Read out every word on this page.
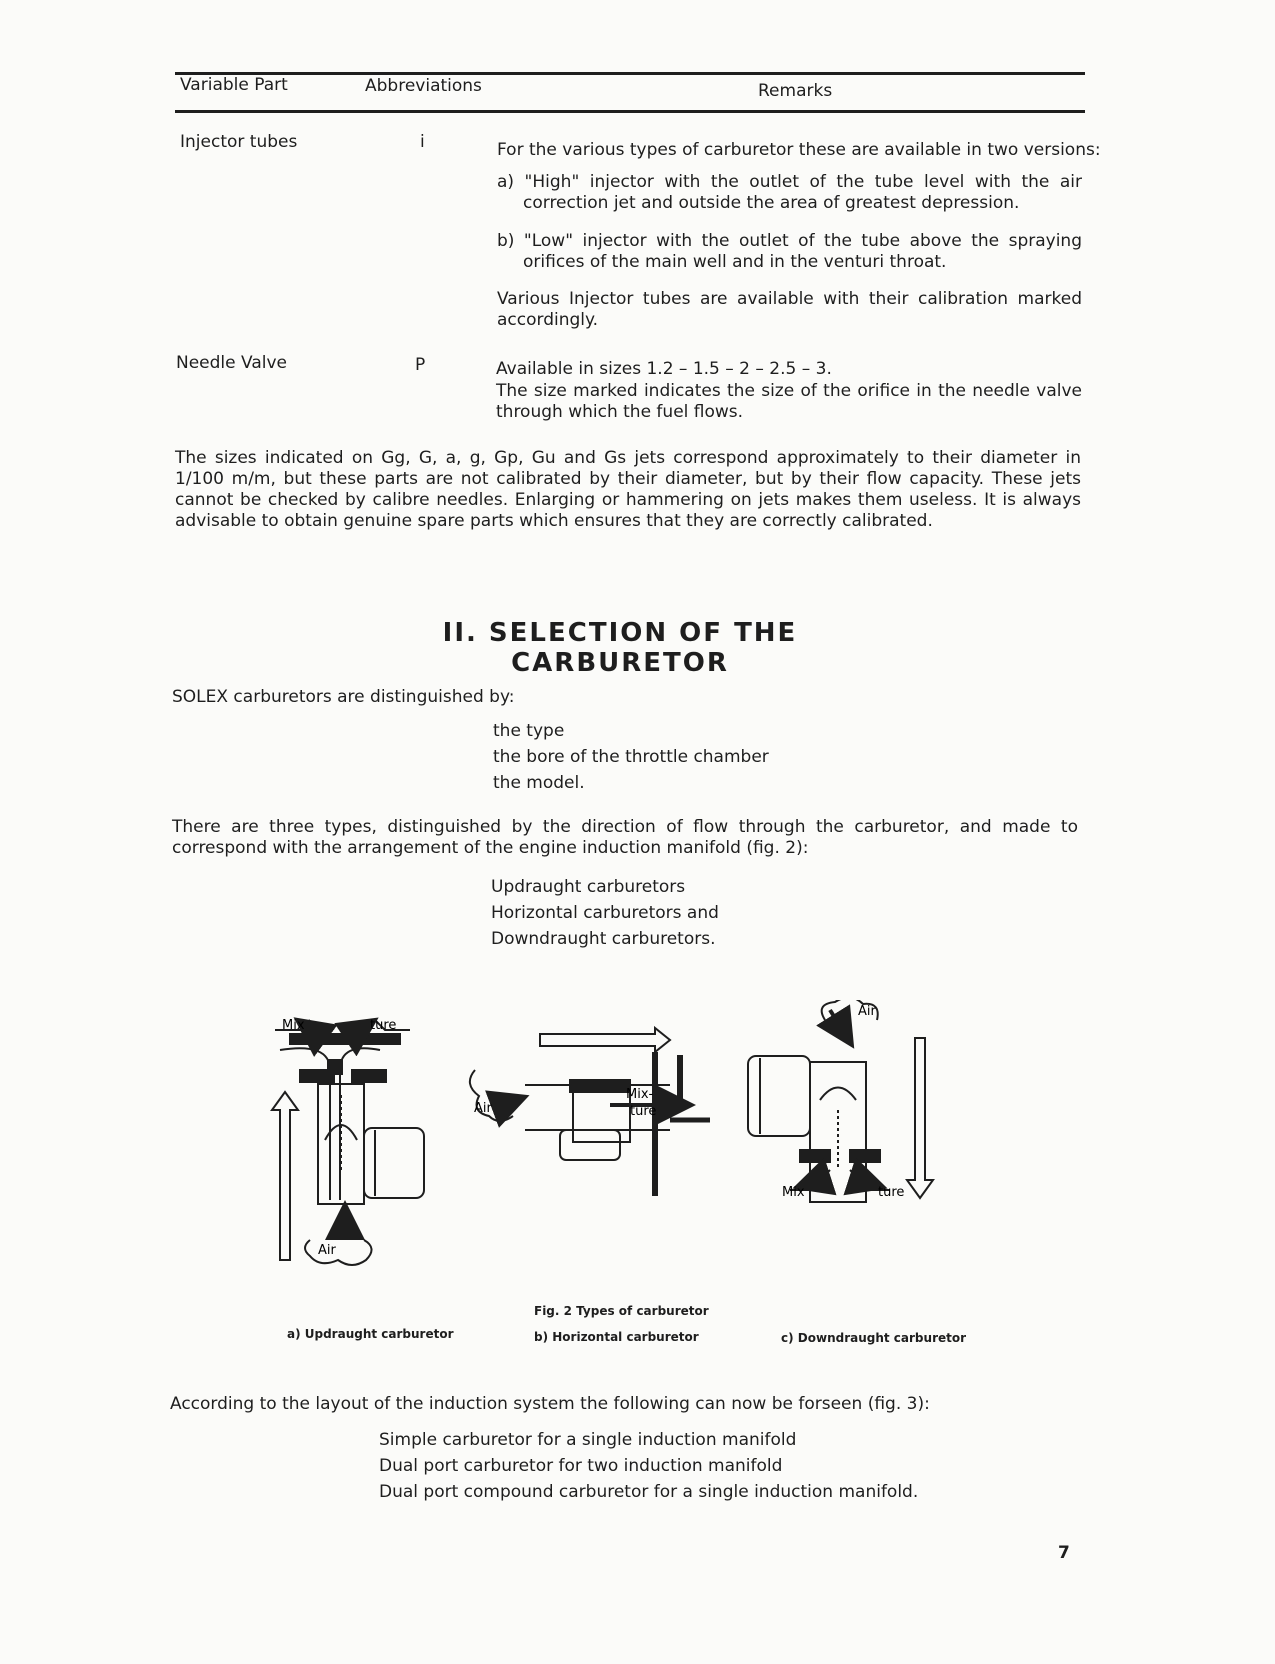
Variable Part	Abbreviations	Remarks
Injector tubes	i	For the various types of carburetor these are available in two versions:
a) "High" injector with the outlet of the tube level with the air correction jet and outside the area of greatest depression.
b) "Low" injector with the outlet of the tube above the spraying orifices of the main well and in the venturi throat.
Various Injector tubes are available with their calibration marked accordingly.
Needle Valve	P	Available in sizes 1.2 – 1.5 – 2 – 2.5 – 3.
The size marked indicates the size of the orifice in the needle valve through which the fuel flows.
The sizes indicated on Gg, G, a, g, Gp, Gu and Gs jets correspond approximately to their diameter in 1/100 m/m, but these parts are not calibrated by their diameter, but by their flow capacity. These jets cannot be checked by calibre needles. Enlarging or hammering on jets makes them useless. It is always advisable to obtain genuine spare parts which ensures that they are correctly calibrated.
II. SELECTION OF THE CARBURETOR
SOLEX carburetors are distinguished by:
the type
the bore of the throttle chamber
the model.
There are three types, distinguished by the direction of flow through the carburetor, and made to correspond with the arrangement of the engine induction manifold (fig. 2):
Updraught carburetors
Horizontal carburetors and
Downdraught carburetors.
Mix	ture
Air
Air
Mix-
ture
Air
Mix	ture
Fig. 2 Types of carburetor
a) Updraught carburetor	b) Horizontal carburetor	c) Downdraught carburetor
According to the layout of the induction system the following can now be forseen (fig. 3):
Simple carburetor for a single induction manifold
Dual port carburetor for two induction manifold
Dual port compound carburetor for a single induction manifold.
7
